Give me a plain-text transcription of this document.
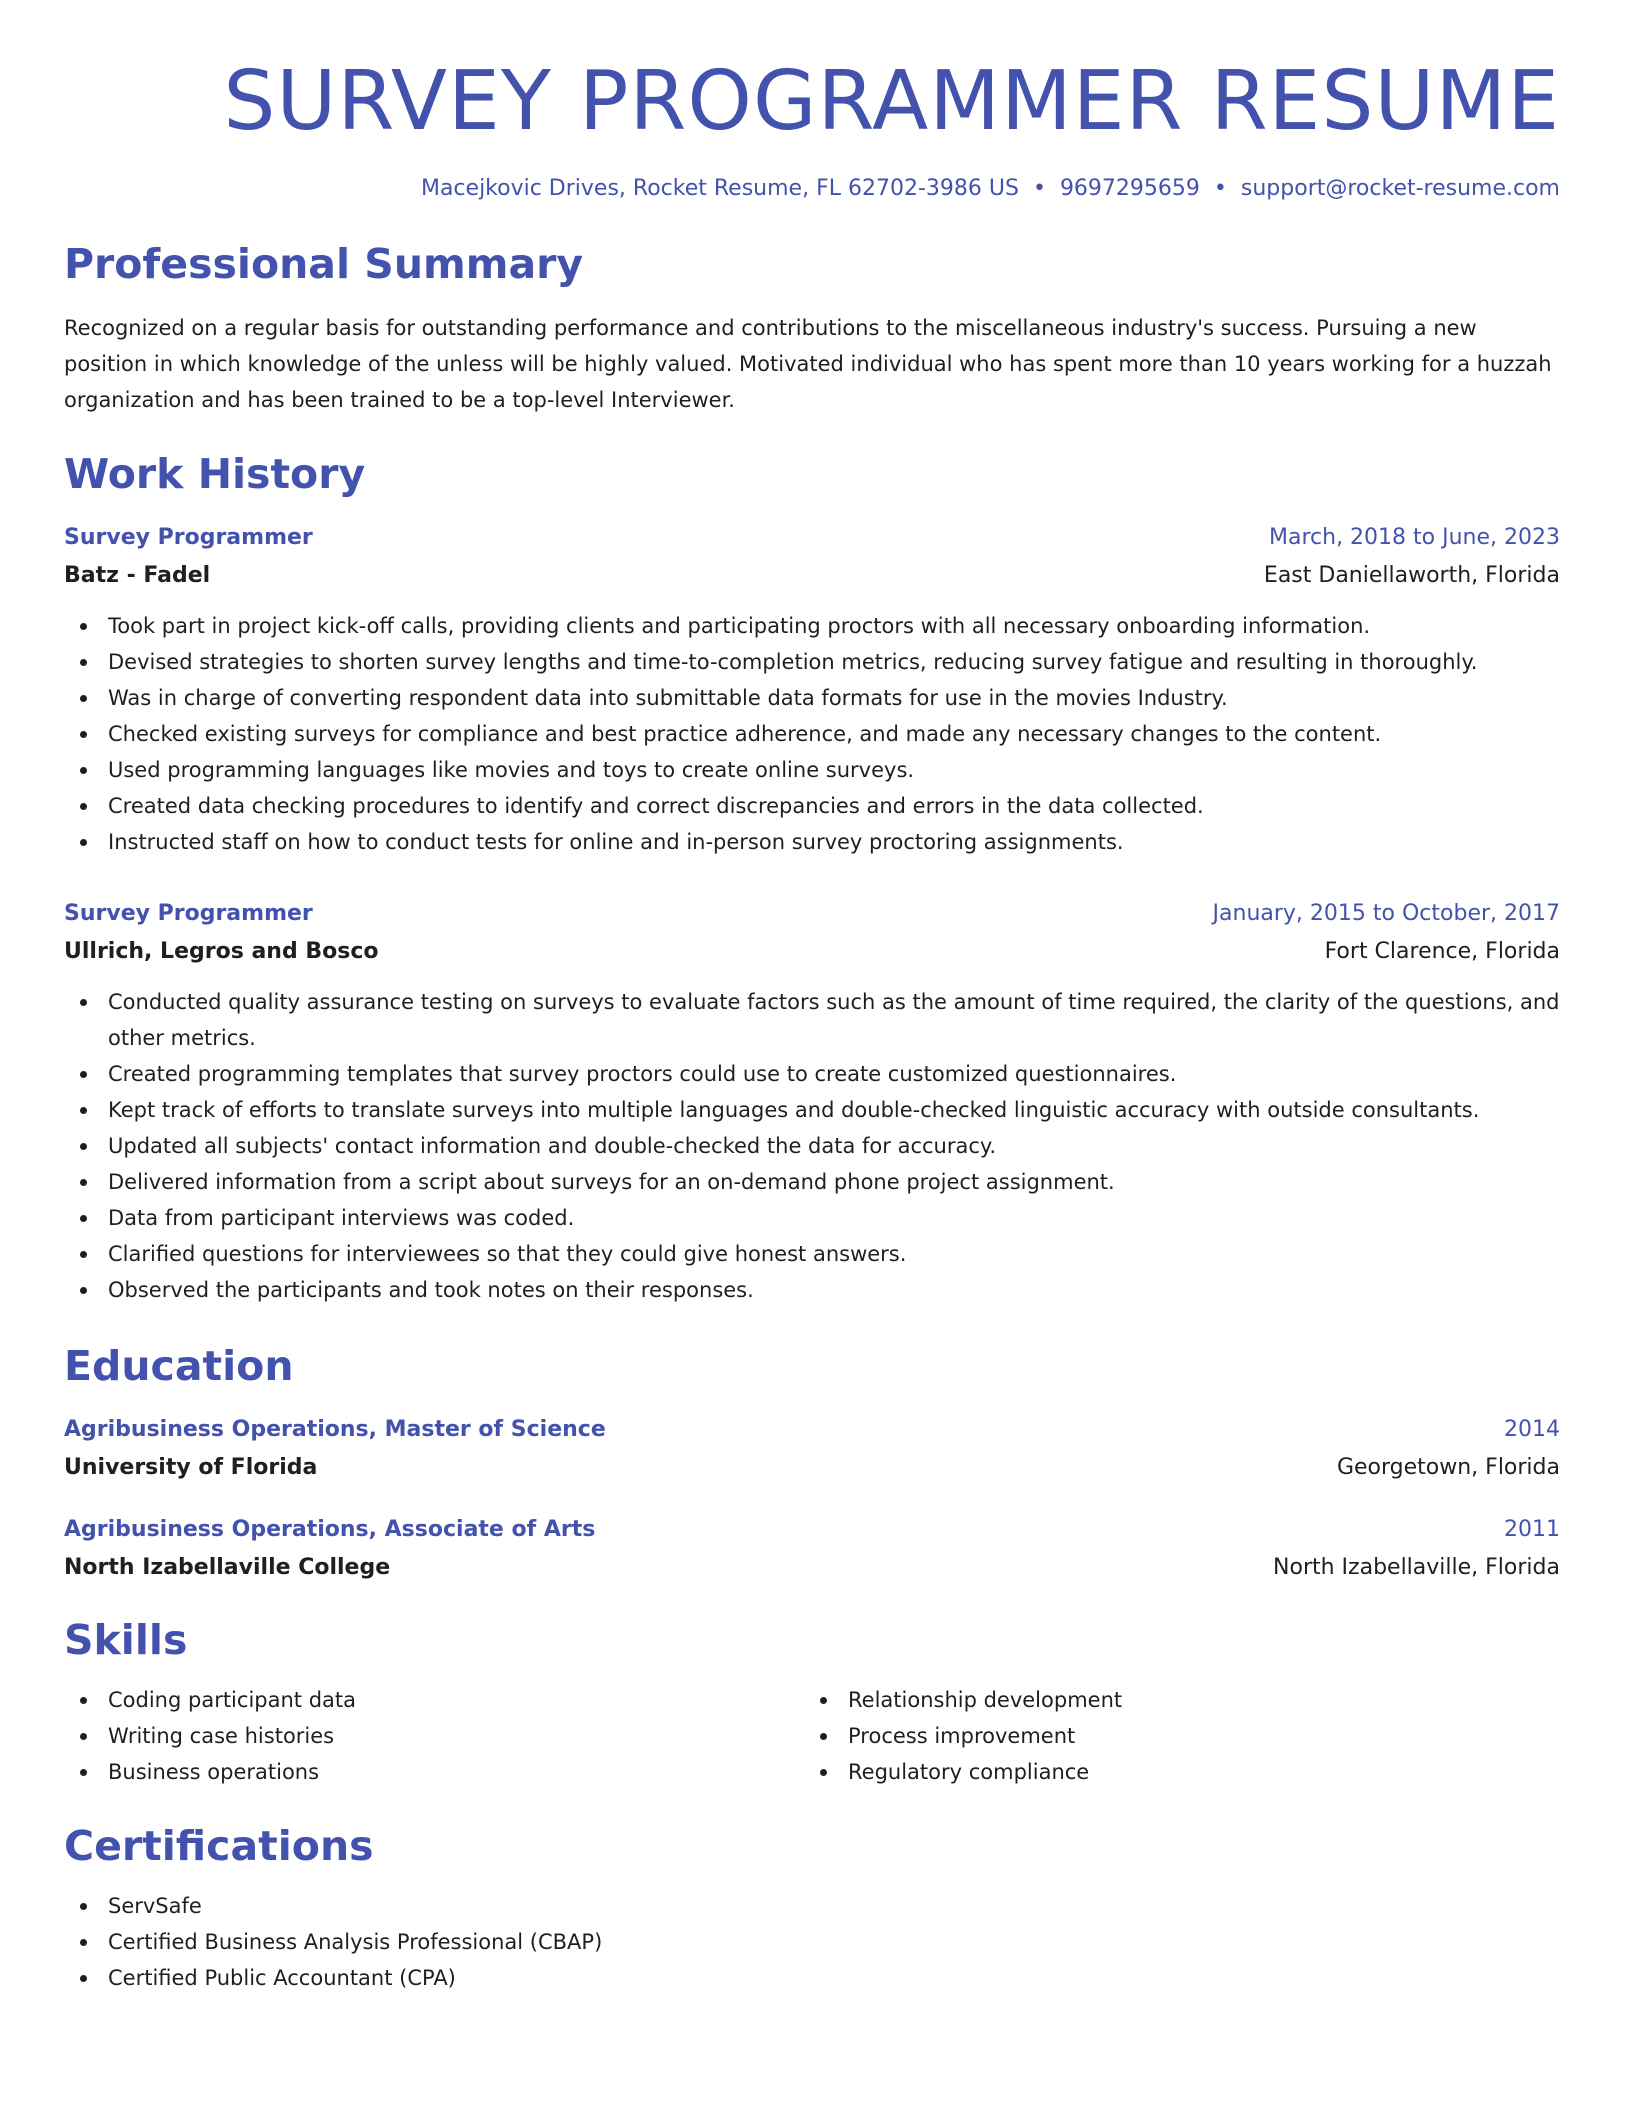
SURVEY PROGRAMMER RESUME
Macejkovic Drives, Rocket Resume, FL 62702-3986 US • 9697295659 • support@rocket-resume.com
Professional Summary

Recognized on a regular basis for outstanding performance and contributions to the miscellaneous industry's success. Pursuing a new position in which knowledge of the unless will be highly valued. Motivated individual who has spent more than 10 years working for a huzzah organization and has been trained to be a top-level Interviewer.

Work History
Survey Programmer	March, 2018 to June, 2023
Batz - Fadel	East Daniellaworth, Florida
Took part in project kick-off calls, providing clients and participating proctors with all necessary onboarding information.
Devised strategies to shorten survey lengths and time-to-completion metrics, reducing survey fatigue and resulting in thoroughly.
Was in charge of converting respondent data into submittable data formats for use in the movies Industry.
Checked existing surveys for compliance and best practice adherence, and made any necessary changes to the content.
Used programming languages like movies and toys to create online surveys.
Created data checking procedures to identify and correct discrepancies and errors in the data collected.
Instructed staff on how to conduct tests for online and in-person survey proctoring assignments.
Survey Programmer	January, 2015 to October, 2017
Ullrich, Legros and Bosco	Fort Clarence, Florida
Conducted quality assurance testing on surveys to evaluate factors such as the amount of time required, the clarity of the questions, and other metrics.
Created programming templates that survey proctors could use to create customized questionnaires.
Kept track of efforts to translate surveys into multiple languages and double-checked linguistic accuracy with outside consultants.
Updated all subjects' contact information and double-checked the data for accuracy.
Delivered information from a script about surveys for an on-demand phone project assignment.
Data from participant interviews was coded.
Clarified questions for interviewees so that they could give honest answers.
Observed the participants and took notes on their responses.
Education
Agribusiness Operations, Master of Science	2014
University of Florida	Georgetown, Florida
Agribusiness Operations, Associate of Arts	2011
North Izabellaville College	North Izabellaville, Florida
Skills
Coding participant data
Writing case histories
Business operations
Relationship development
Process improvement
Regulatory compliance
Certifications
ServSafe
Certified Business Analysis Professional (CBAP)
Certified Public Accountant (CPA)
